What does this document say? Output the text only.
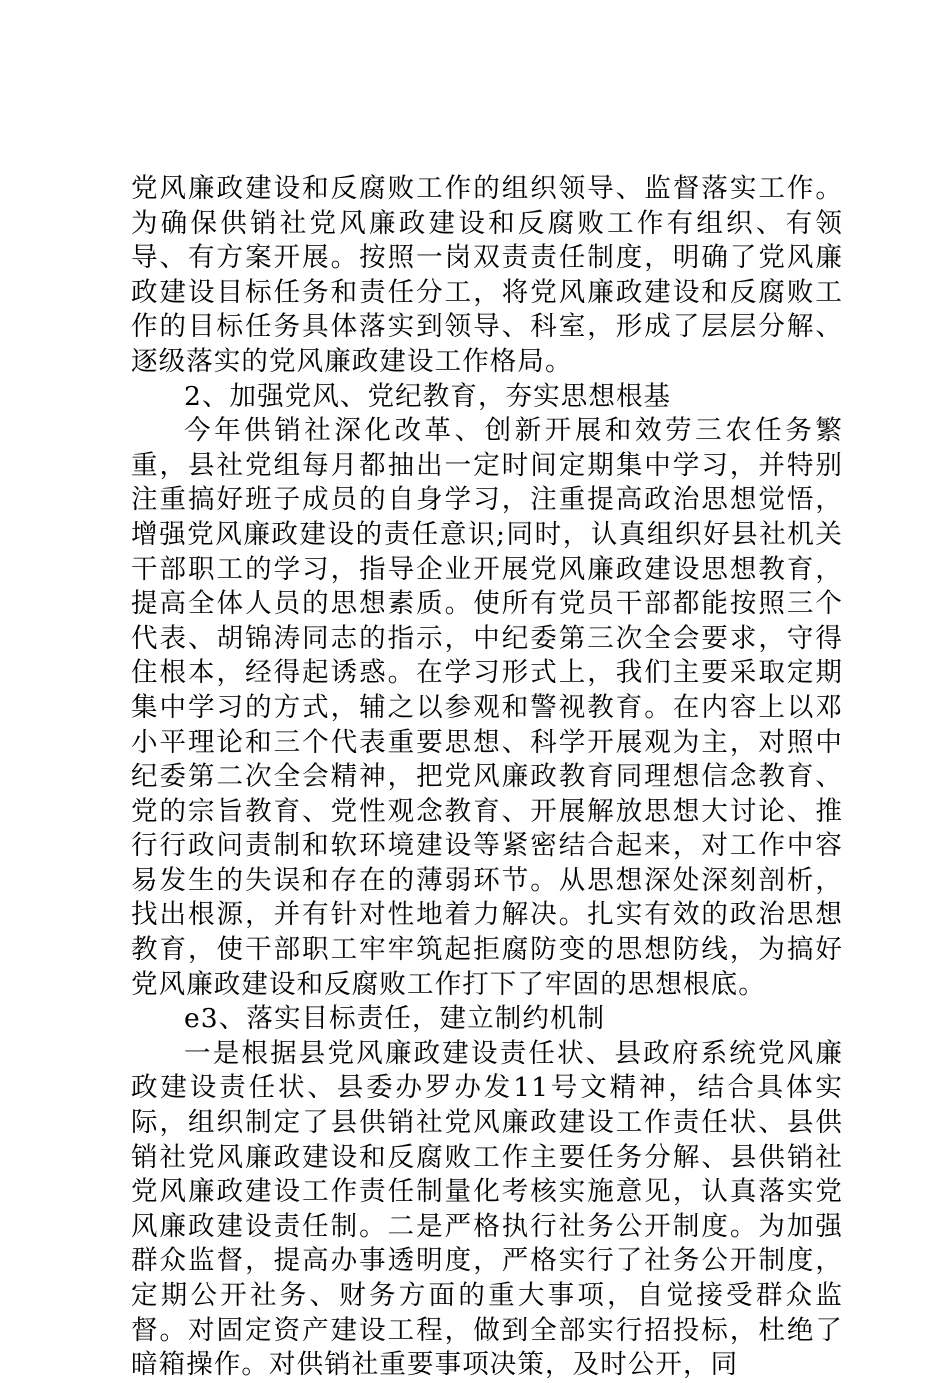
党风廉政建设和反腐败工作的组织领导、监督落实工作。为确保供销社党风廉政建设和反腐败工作有组织、有领导、有方案开展。按照一岗双责责任制度，明确了党风廉政建设目标任务和责任分工，将党风廉政建设和反腐败工作的目标任务具体落实到领导、科室，形成了层层分解、逐级落实的党风廉政建设工作格局。

2、加强党风、党纪教育，夯实思想根基

今年供销社深化改革、创新开展和效劳三农任务繁重，县社党组每月都抽出一定时间定期集中学习，并特别注重搞好班子成员的自身学习，注重提高政治思想觉悟，增强党风廉政建设的责任意识;同时，认真组织好县社机关干部职工的学习，指导企业开展党风廉政建设思想教育，提高全体人员的思想素质。使所有党员干部都能按照三个代表、胡锦涛同志的指示，中纪委第三次全会要求，守得住根本，经得起诱惑。在学习形式上，我们主要采取定期集中学习的方式，辅之以参观和警视教育。在内容上以邓小平理论和三个代表重要思想、科学开展观为主，对照中纪委第二次全会精神，把党风廉政教育同理想信念教育、党的宗旨教育、党性观念教育、开展解放思想大讨论、推行行政问责制和软环境建设等紧密结合起来，对工作中容易发生的失误和存在的薄弱环节。从思想深处深刻剖析，找出根源，并有针对性地着力解决。扎实有效的政治思想教育，使干部职工牢牢筑起拒腐防变的思想防线，为搞好党风廉政建设和反腐败工作打下了牢固的思想根底。

e3、落实目标责任，建立制约机制

一是根据县党风廉政建设责任状、县政府系统党风廉政建设责任状、县委办罗办发11号文精神，结合具体实际，组织制定了县供销社党风廉政建设工作责任状、县供销社党风廉政建设和反腐败工作主要任务分解、县供销社党风廉政建设工作责任制量化考核实施意见，认真落实党风廉政建设责任制。二是严格执行社务公开制度。为加强群众监督，提高办事透明度，严格实行了社务公开制度，定期公开社务、财务方面的重大事项，自觉接受群众监督。对固定资产建设工程，做到全部实行招投标，杜绝了暗箱操作。对供销社重要事项决策，及时公开，同
